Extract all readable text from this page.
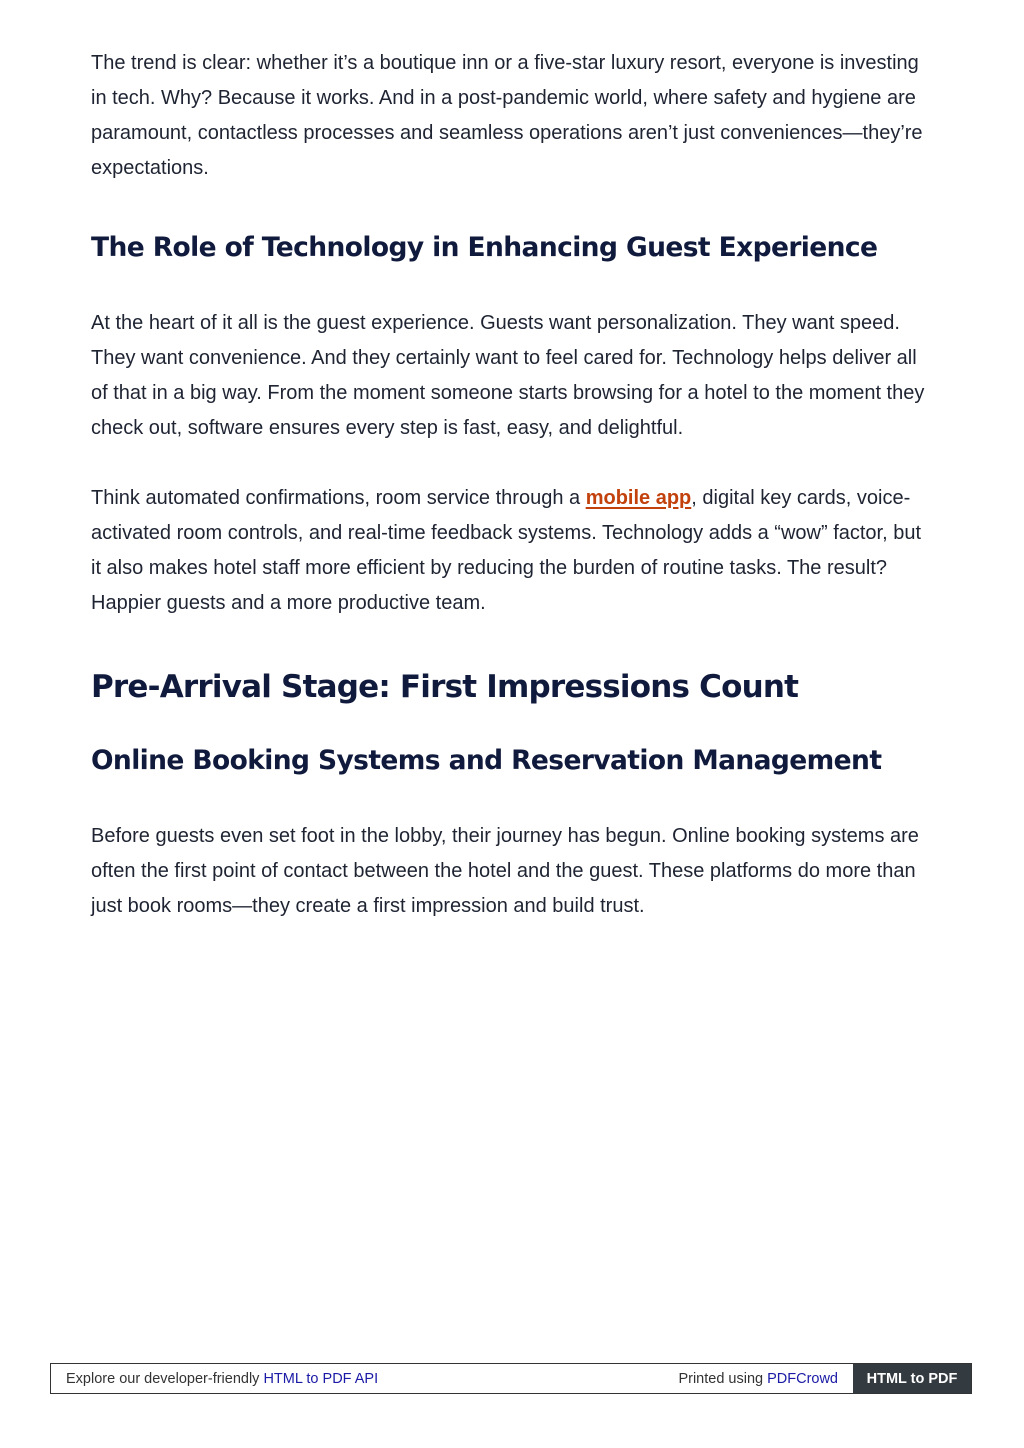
The trend is clear: whether it’s a boutique inn or a five-star luxury resort, everyone is investing in tech. Why? Because it works. And in a post-pandemic world, where safety and hygiene are paramount, contactless processes and seamless operations aren’t just conveniences—they’re expectations.

The Role of Technology in Enhancing Guest Experience

At the heart of it all is the guest experience. Guests want personalization. They want speed. They want convenience. And they certainly want to feel cared for. Technology helps deliver all of that in a big way. From the moment someone starts browsing for a hotel to the moment they check out, software ensures every step is fast, easy, and delightful.

Think automated confirmations, room service through a mobile app, digital key cards, voice-activated room controls, and real-time feedback systems. Technology adds a “wow” factor, but it also makes hotel staff more efficient by reducing the burden of routine tasks. The result? Happier guests and a more productive team.

Pre-Arrival Stage: First Impressions Count
Online Booking Systems and Reservation Management

Before guests even set foot in the lobby, their journey has begun. Online booking systems are often the first point of contact between the hotel and the guest. These platforms do more than just book rooms—they create a first impression and build trust.

Explore our developer-friendly HTML to PDF API	Printed using PDFCrowd	HTML to PDF
